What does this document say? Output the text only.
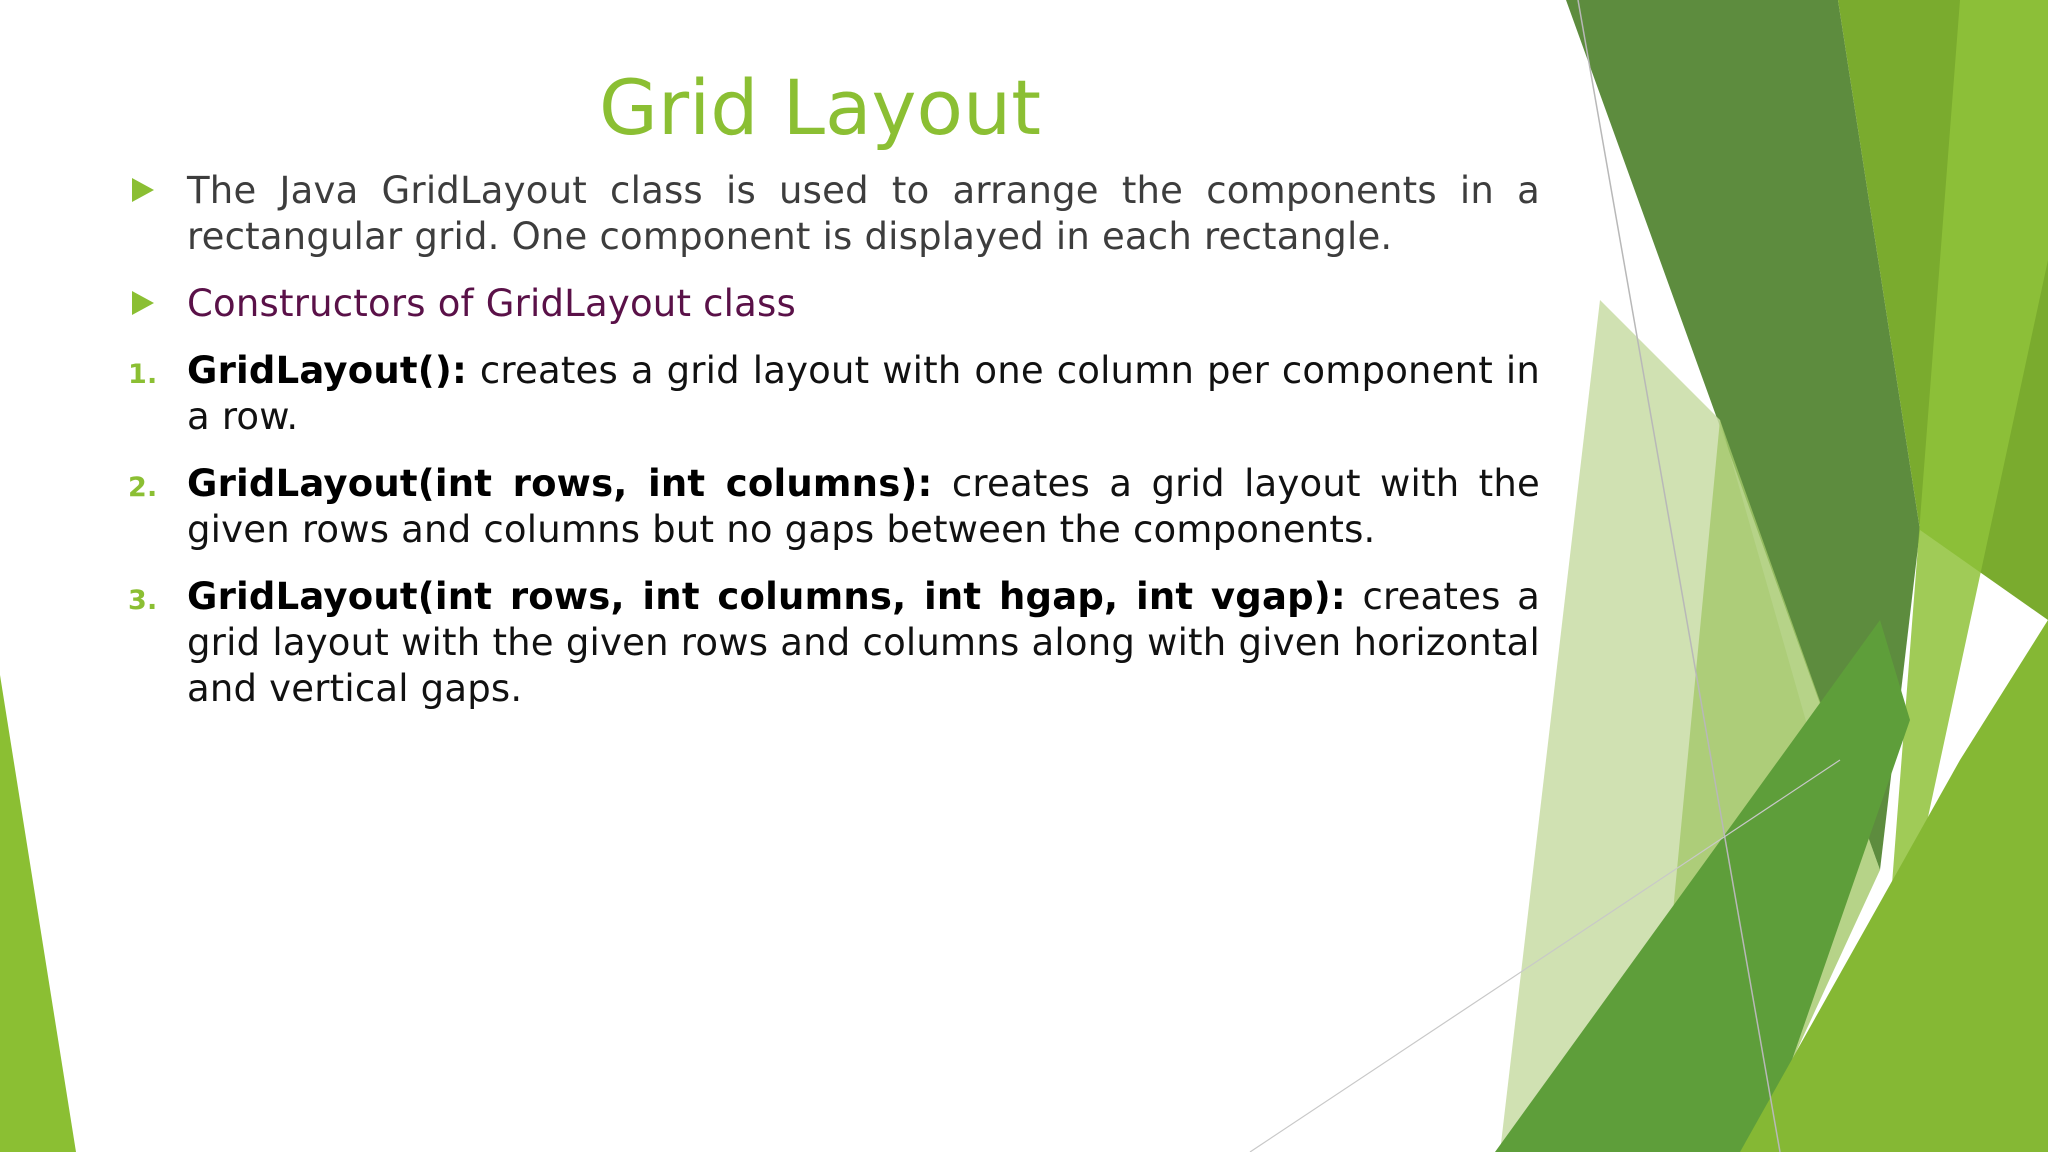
Grid Layout
The Java GridLayout class is used to arrange the components in a rectangular grid. One component is displayed in each rectangle.
Constructors of GridLayout class
1. GridLayout(): creates a grid layout with one column per component in a row.
2. GridLayout(int rows, int columns): creates a grid layout with the given rows and columns but no gaps between the components.
3. GridLayout(int rows, int columns, int hgap, int vgap): creates a grid layout with the given rows and columns along with given horizontal and vertical gaps.
